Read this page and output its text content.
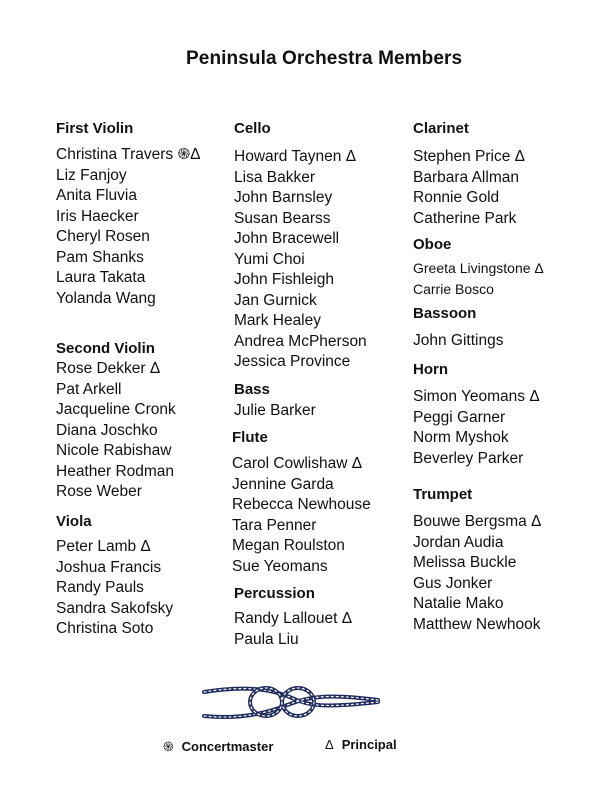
Peninsula Orchestra Members
First Violin
Christina Travers ֍Δ
Liz Fanjoy
Anita Fluvia
Iris Haecker
Cheryl Rosen
Pam Shanks
Laura Takata
Yolanda Wang
Second Violin
Rose Dekker Δ
Pat Arkell
Jacqueline Cronk
Diana Joschko
Nicole Rabishaw
Heather Rodman
Rose Weber
Viola
Peter Lamb Δ
Joshua Francis
Randy Pauls
Sandra Sakofsky
Christina Soto
Cello
Howard Taynen Δ
Lisa Bakker
John Barnsley
Susan Bearss
John Bracewell
Yumi Choi
John Fishleigh
Jan Gurnick
Mark Healey
Andrea McPherson
Jessica Province
Bass
Julie Barker
Flute
Carol Cowlishaw Δ
Jennine Garda
Rebecca Newhouse
Tara Penner
Megan Roulston
Sue Yeomans
Percussion
Randy Lallouet Δ
Paula Liu
Clarinet
Stephen Price Δ
Barbara Allman
Ronnie Gold
Catherine Park
Oboe
Greeta Livingstone Δ
Carrie Bosco
Bassoon
John Gittings
Horn
Simon Yeomans Δ
Peggi Garner
Norm Myshok
Beverley Parker
Trumpet
Bouwe Bergsma Δ
Jordan Audia
Melissa Buckle
Gus Jonker
Natalie Mako
Matthew Newhook
֍ Concertmaster	Δ Principal
